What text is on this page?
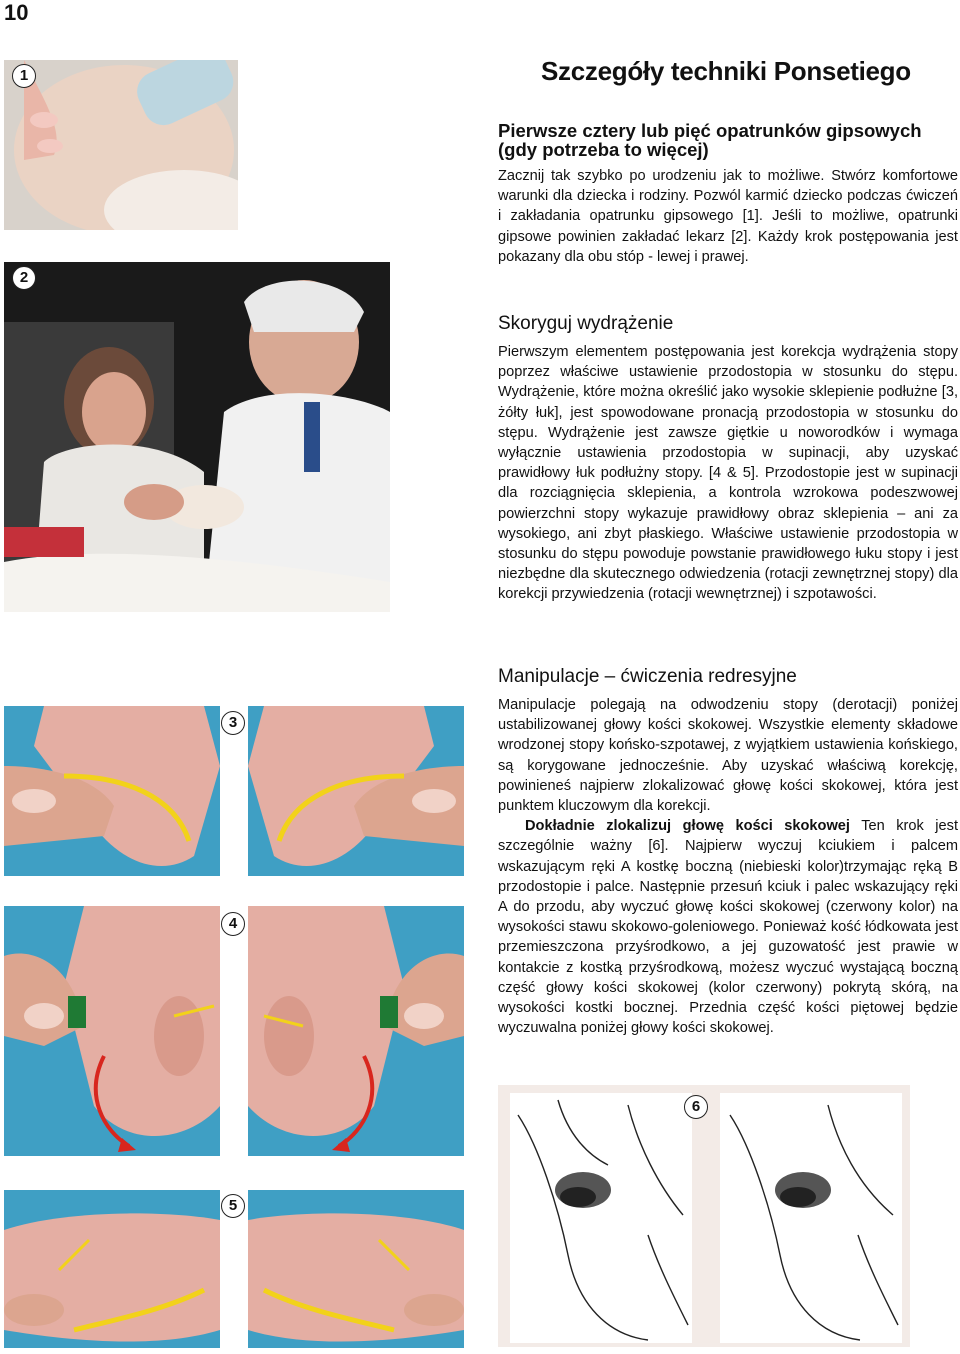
10
1
2
3
4
5
6
Szczegóły techniki Ponsetiego
Pierwsze cztery lub pięć opatrunków gipsowych (gdy potrzeba to więcej)

Zacznij tak szybko po urodzeniu jak to możliwe. Stwórz komfortowe warunki dla dziecka i rodziny. Pozwól karmić dziecko podczas ćwiczeń i zakładania opatrunku gipsowego [1]. Jeśli to możliwe, opatrunki gipsowe powinien zakładać lekarz [2]. Każdy krok postępowania jest pokazany dla obu stóp - lewej i prawej.

Skoryguj wydrążenie

Pierwszym elementem postępowania jest korekcja wydrążenia stopy poprzez właściwe ustawienie przodostopia w stosunku do stępu. Wydrążenie, które można określić jako wysokie sklepienie podłużne [3, żółty łuk], jest spowodowane pronacją przodostopia w stosunku do stępu. Wydrążenie jest zawsze giętkie u noworodków i wymaga wyłącznie ustawienia przodostopia w supinacji, aby uzyskać prawidłowy łuk podłużny stopy. [4 & 5]. Przodostopie jest w supinacji dla rozciągnięcia sklepienia, a kontrola wzrokowa podeszwowej powierzchni stopy wykazuje prawidłowy obraz sklepienia – ani za wysokiego, ani zbyt płaskiego. Właściwe ustawienie przodostopia w stosunku do stępu powoduje powstanie prawidłowego łuku stopy i jest niezbędne dla skutecznego odwiedzenia (rotacji zewnętrznej stopy) dla korekcji przywiedzenia (rotacji wewnętrznej) i szpotawości.

Manipulacje – ćwiczenia redresyjne

Manipulacje polegają na odwodzeniu stopy (derotacji) poniżej ustabilizowanej głowy kości skokowej. Wszystkie elementy składowe wrodzonej stopy końsko-szpotawej, z wyjątkiem ustawienia końskiego, są korygowane jednocześnie. Aby uzyskać właściwą korekcję, powinieneś najpierw zlokalizować głowę kości skokowej, która jest punktem kluczowym dla korekcji.

Dokładnie zlokalizuj głowę kości skokowej Ten krok jest szczególnie ważny [6]. Najpierw wyczuj kciukiem i palcem wskazującym ręki A kostkę boczną (niebieski kolor)trzymając ręką B przodostopie i palce. Następnie przesuń kciuk i palec wskazujący ręki A do przodu, aby wyczuć głowę kości skokowej (czerwony kolor) na wysokości stawu skokowo-goleniowego. Ponieważ kość łódkowata jest przemieszczona przyśrodkowo, a jej guzowatość jest prawie w kontakcie z kostką przyśrodkową, możesz wyczuć wystającą boczną część głowy kości skokowej (kolor czerwony) pokrytą skórą, na wysokości kostki bocznej. Przednia część kości piętowej będzie wyczuwalna poniżej głowy kości skokowej.
